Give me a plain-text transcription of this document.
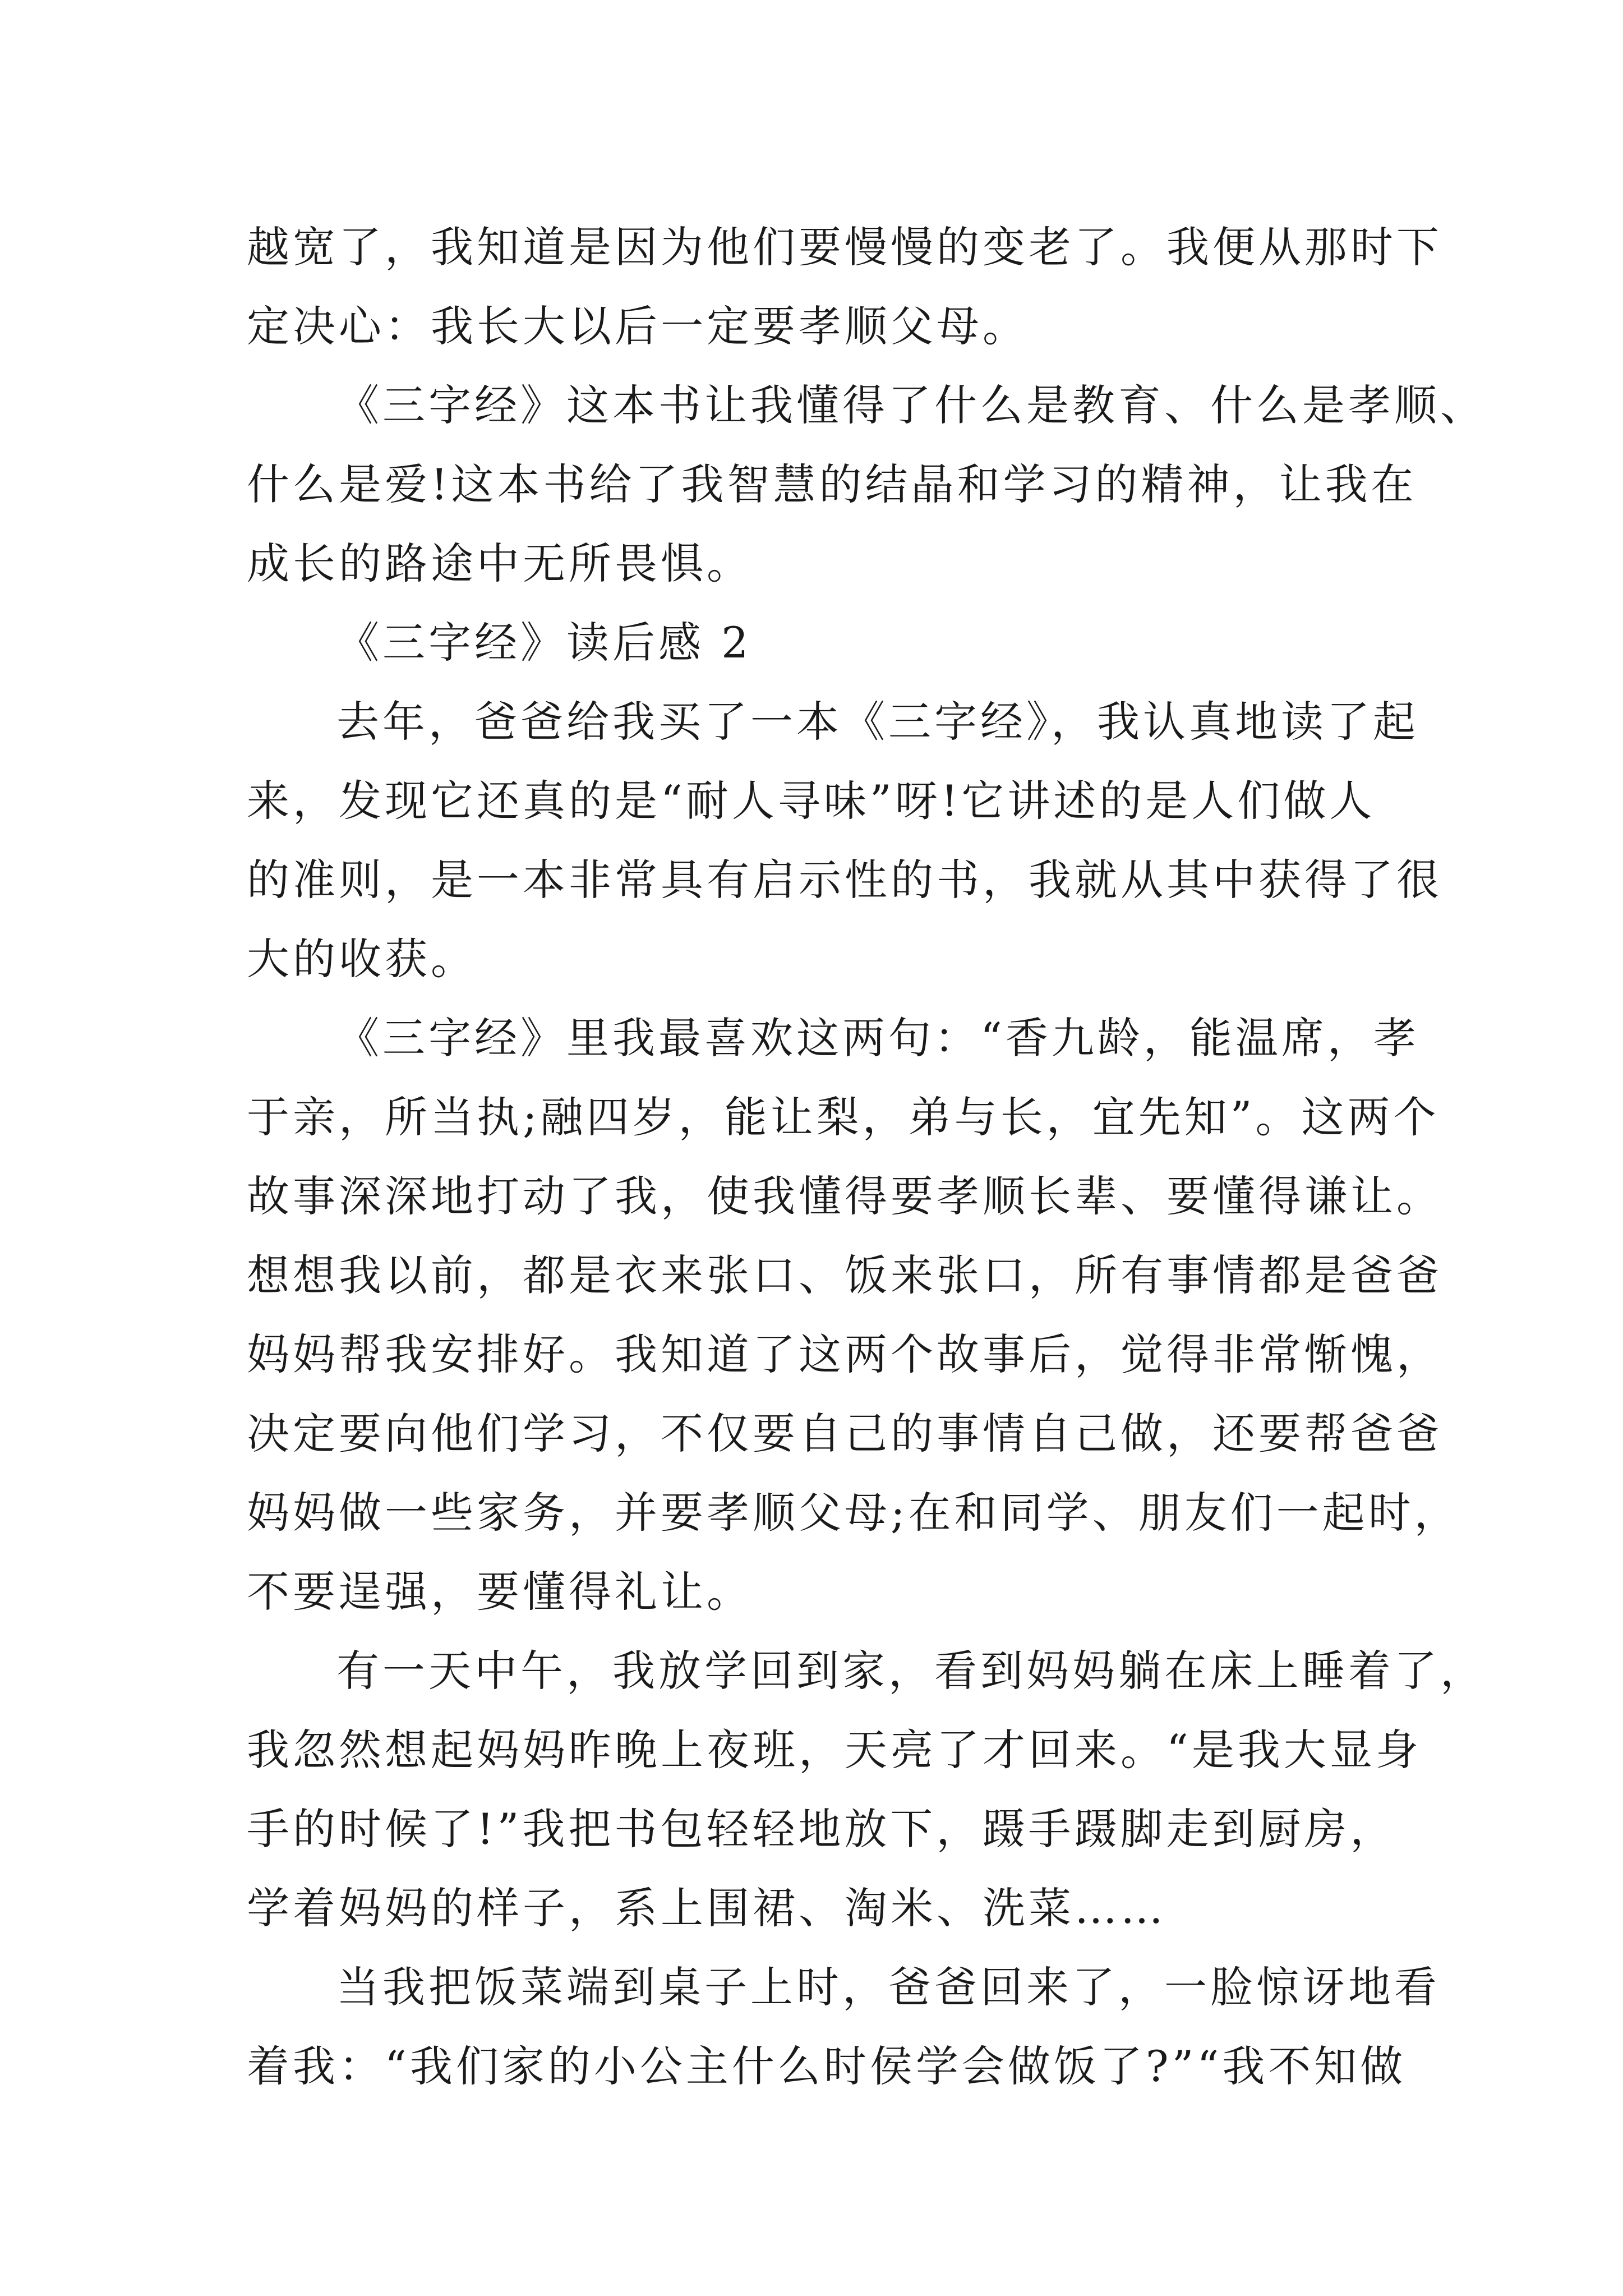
越宽了，我知道是因为他们要慢慢的变老了。我便从那时下
定决心：我长大以后一定要孝顺父母。
《三字经》这本书让我懂得了什么是教育、什么是孝顺、
什么是爱!这本书给了我智慧的结晶和学习的精神，让我在
成长的路途中无所畏惧。
《三字经》读后感 2
去年，爸爸给我买了一本《三字经》，我认真地读了起
来，发现它还真的是“耐人寻味”呀!它讲述的是人们做人
的准则，是一本非常具有启示性的书，我就从其中获得了很
大的收获。
《三字经》里我最喜欢这两句：“香九龄，能温席，孝
于亲，所当执;融四岁，能让梨，弟与长，宜先知”。这两个
故事深深地打动了我，使我懂得要孝顺长辈、要懂得谦让。
想想我以前，都是衣来张口、饭来张口，所有事情都是爸爸
妈妈帮我安排好。我知道了这两个故事后，觉得非常惭愧，
决定要向他们学习，不仅要自己的事情自己做，还要帮爸爸
妈妈做一些家务，并要孝顺父母;在和同学、朋友们一起时，
不要逞强，要懂得礼让。
有一天中午，我放学回到家，看到妈妈躺在床上睡着了，
我忽然想起妈妈昨晚上夜班，天亮了才回来。“是我大显身
手的时候了!”我把书包轻轻地放下，蹑手蹑脚走到厨房，
学着妈妈的样子，系上围裙、淘米、洗菜……
当我把饭菜端到桌子上时，爸爸回来了，一脸惊讶地看
着我：“我们家的小公主什么时侯学会做饭了?”“我不知做
